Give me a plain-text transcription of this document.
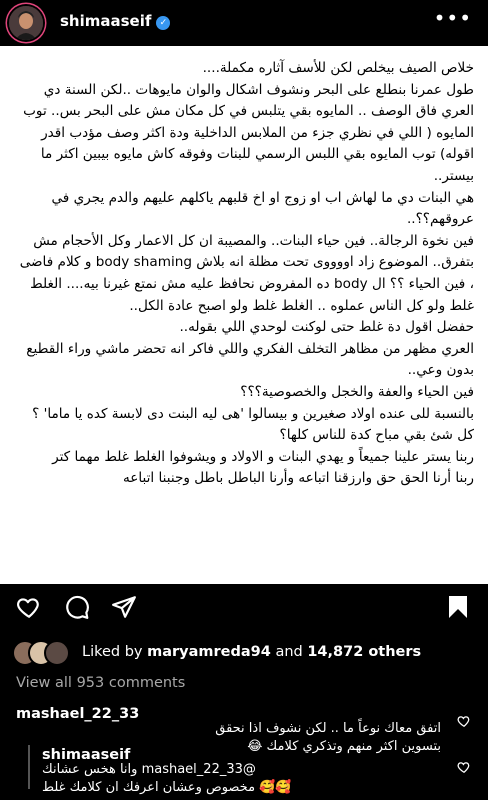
shimaaseif ✓	•••
خلاص الصيف بيخلص لكن للأسف آثاره مكملة....
طول عمرنا بنطلع على البحر ونشوف اشكال والوان مايوهات ..لكن السنة دي العري فاق الوصف .. المايوه بقي يتلبس في كل مكان مش على البحر بس.. توب المايوه ( اللي في نظري جزء من الملابس الداخلية ودة اكثر وصف مؤدب اقدر اقوله) توب المايوه بقي اللبس الرسمي للبنات وفوقه كاش مايوه بيبين اكثر ما بيستر..
هي البنات دي ما لهاش اب او زوج او اخ قلبهم ياكلهم عليهم والدم يجري في عروقهم؟؟..
فين نخوة الرجالة.. فين حياء البنات.. والمصيبة ان كل الاعمار وكل الأحجام مش بتفرق.. الموضوع زاد اووووى تحت مظلة انه بلاش body shaming و كلام فاضى ، فين الحياء ؟؟ ال body ده المفروض نحافظ عليه مش نمتع غيرنا بيه.... الغلط غلط ولو كل الناس عملوه .. الغلط غلط ولو اصبح عادة الكل..
حفضل اقول دة غلط حتى لوكنت لوحدي اللي بقوله..
العري مظهر من مظاهر التخلف الفكري واللي فاكر انه تحضر ماشي وراء القطيع بدون وعي..
فين الحياء والعفة والخجل والخصوصية؟؟؟
بالنسبة للى عنده اولاد صغيرين و بيسالوا 'هى ليه البنت دى لابسة كده يا ماما' ؟
كل شئ بقي مباح كدة للناس كلها؟
ربنا يستر علينا جميعاً و يهدي البنات و الاولاد و ويشوفوا الغلط غلط مهما كتر
ربنا أرنا الحق حق وارزقنا اتباعه وأرنا الباطل باطل وجنبنا اتباعه
Liked by maryamreda94 and 14,872 others
View all 953 comments
mashael_22_33
اتفق معاك نوعاً ما .. لكن نشوف اذا نحقق
بتسوين اكثر منهم وتذكري كلامك 😂
shimaaseif
@mashael_22_33 وانا هخس عشانك
🥰🥰 مخصوص وعشان اعرفك ان كلامك غلط
